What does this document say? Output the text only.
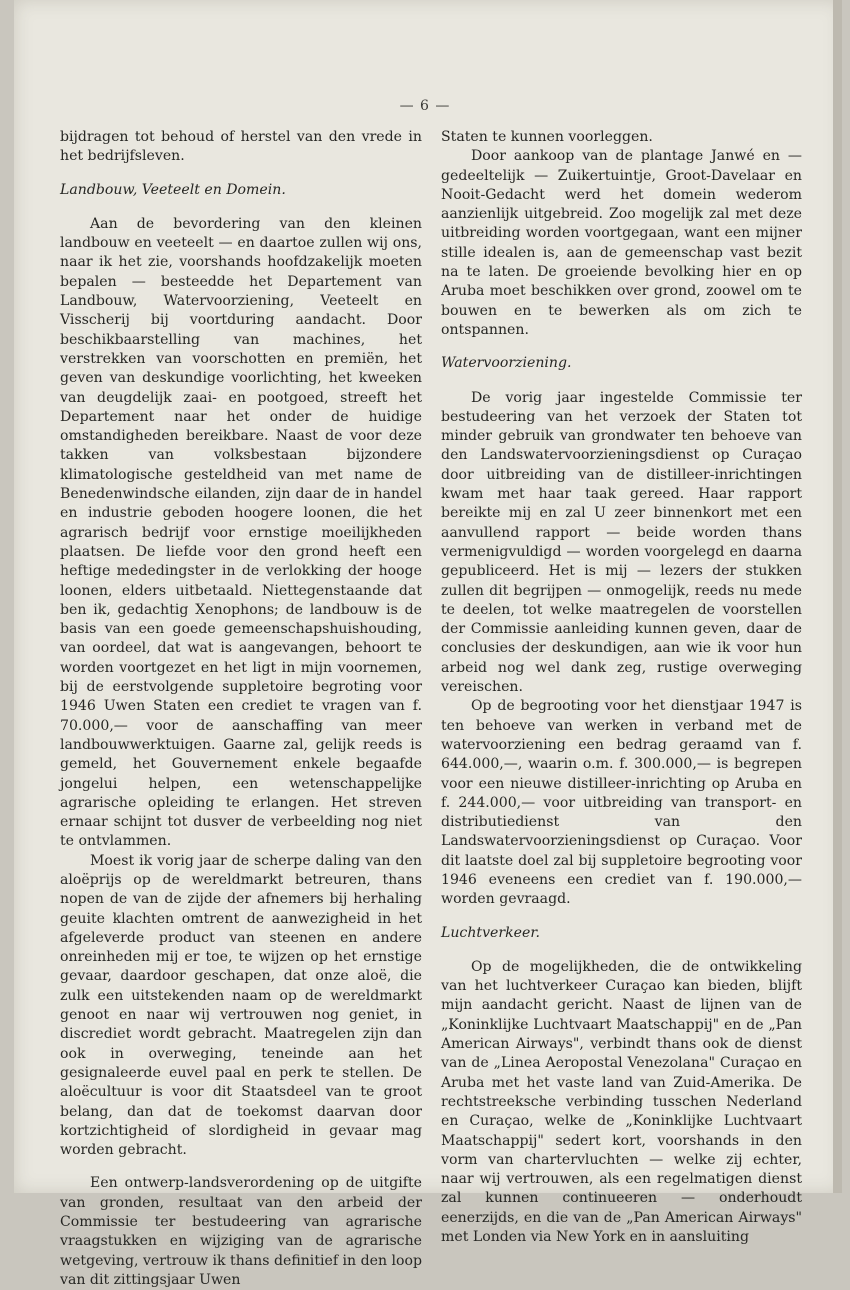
— 6 —

bijdragen tot behoud of herstel van den vrede in het bedrijfsleven.

Landbouw, Veeteelt en Domein.

Aan de bevordering van den kleinen landbouw en veeteelt — en daartoe zullen wij ons, naar ik het zie, voorshands hoofdzakelijk moeten bepalen — besteedde het Departement van Landbouw, Watervoorziening, Veeteelt en Visscherij bij voortduring aandacht. Door beschikbaarstelling van machines, het verstrekken van voorschotten en premiën, het geven van deskundige voorlichting, het kweeken van deugdelijk zaai- en pootgoed, streeft het Departement naar het onder de huidige omstandigheden bereikbare. Naast de voor deze takken van volksbestaan bijzondere klimatologische gesteldheid van met name de Benedenwindsche eilanden, zijn daar de in handel en industrie geboden hoogere loonen, die het agrarisch bedrijf voor ernstige moeilijkheden plaatsen. De liefde voor den grond heeft een heftige mededingster in de verlokking der hooge loonen, elders uitbetaald. Niettegenstaande dat ben ik, gedachtig Xenophons; de landbouw is de basis van een goede gemeenschapshuishouding, van oordeel, dat wat is aangevangen, behoort te worden voortgezet en het ligt in mijn voornemen, bij de eerstvolgende suppletoire begroting voor 1946 Uwen Staten een crediet te vragen van f. 70.000,— voor de aanschaffing van meer landbouwwerktuigen. Gaarne zal, gelijk reeds is gemeld, het Gouvernement enkele begaafde jongelui helpen, een wetenschappelijke agrarische opleiding te erlangen. Het streven ernaar schijnt tot dusver de verbeelding nog niet te ontvlammen.

Moest ik vorig jaar de scherpe daling van den aloëprijs op de wereldmarkt betreuren, thans nopen de van de zijde der afnemers bij herhaling geuite klachten omtrent de aanwezigheid in het afgeleverde product van steenen en andere onreinheden mij er toe, te wijzen op het ernstige gevaar, daardoor geschapen, dat onze aloë, die zulk een uitstekenden naam op de wereldmarkt genoot en naar wij vertrouwen nog geniet, in discrediet wordt gebracht. Maatregelen zijn dan ook in overweging, teneinde aan het gesignaleerde euvel paal en perk te stellen. De aloëcultuur is voor dit Staatsdeel van te groot belang, dan dat de toekomst daarvan door kortzichtigheid of slordigheid in gevaar mag worden gebracht.

Een ontwerp-landsverordening op de uitgifte van gronden, resultaat van den arbeid der Commissie ter bestudeering van agrarische vraagstukken en wijziging van de agrarische wetgeving, vertrouw ik thans definitief in den loop van dit zittingsjaar Uwen

Staten te kunnen voorleggen.

Door aankoop van de plantage Janwé en — gedeeltelijk — Zuikertuintje, Groot-Davelaar en Nooit-Gedacht werd het domein wederom aanzienlijk uitgebreid. Zoo mogelijk zal met deze uitbreiding worden voortgegaan, want een mijner stille idealen is, aan de gemeenschap vast bezit na te laten. De groeiende bevolking hier en op Aruba moet beschikken over grond, zoowel om te bouwen en te bewerken als om zich te ontspannen.

Watervoorziening.

De vorig jaar ingestelde Commissie ter bestudeering van het verzoek der Staten tot minder gebruik van grondwater ten behoeve van den Landswatervoorzieningsdienst op Curaçao door uitbreiding van de distilleer-inrichtingen kwam met haar taak gereed. Haar rapport bereikte mij en zal U zeer binnenkort met een aanvullend rapport — beide worden thans vermenigvuldigd — worden voorgelegd en daarna gepubliceerd. Het is mij — lezers der stukken zullen dit begrijpen — onmogelijk, reeds nu mede te deelen, tot welke maatregelen de voorstellen der Commissie aanleiding kunnen geven, daar de conclusies der deskundigen, aan wie ik voor hun arbeid nog wel dank zeg, rustige overweging vereischen.

Op de begrooting voor het dienstjaar 1947 is ten behoeve van werken in verband met de watervoorziening een bedrag geraamd van f. 644.000,—, waarin o.m. f. 300.000,— is begrepen voor een nieuwe distilleer-inrichting op Aruba en f. 244.000,— voor uitbreiding van transport- en distributiedienst van den Landswatervoorzieningsdienst op Curaçao. Voor dit laatste doel zal bij suppletoire begrooting voor 1946 eveneens een crediet van f. 190.000,— worden gevraagd.

Luchtverkeer.

Op de mogelijkheden, die de ontwikkeling van het luchtverkeer Curaçao kan bieden, blijft mijn aandacht gericht. Naast de lijnen van de „Koninklijke Luchtvaart Maatschappij" en de „Pan American Airways", verbindt thans ook de dienst van de „Linea Aeropostal Venezolana" Curaçao en Aruba met het vaste land van Zuid-Amerika. De rechtstreeksche verbinding tusschen Nederland en Curaçao, welke de „Koninklijke Luchtvaart Maatschappij" sedert kort, voorshands in den vorm van chartervluchten — welke zij echter, naar wij vertrouwen, als een regelmatigen dienst zal kunnen continueeren — onderhoudt eenerzijds, en die van de „Pan American Airways" met Londen via New York en in aansluiting
